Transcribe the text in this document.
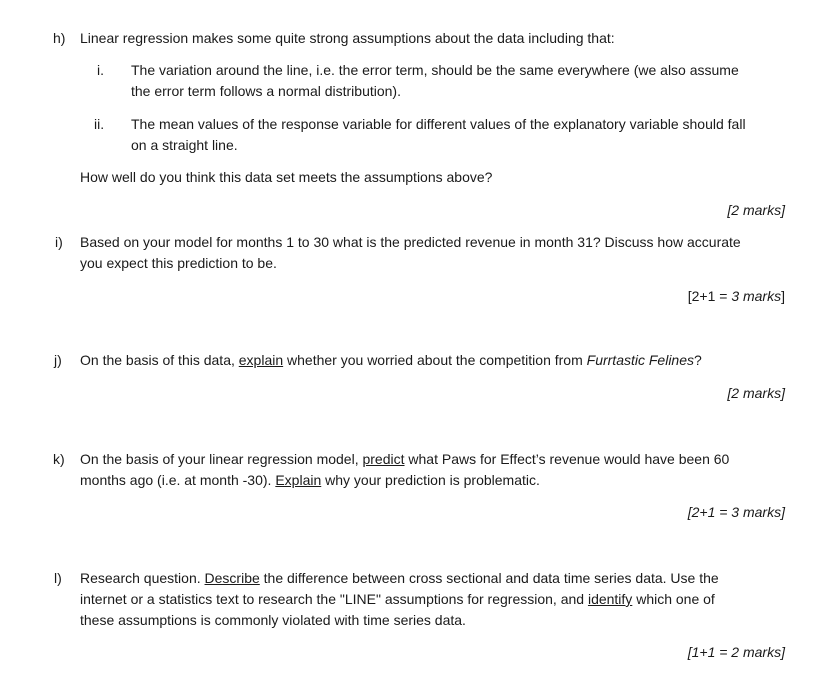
h) Linear regression makes some quite strong assumptions about the data including that:
i. The variation around the line, i.e. the error term, should be the same everywhere (we also assume
the error term follows a normal distribution).
ii. The mean values of the response variable for different values of the explanatory variable should fall
on a straight line.
How well do you think this data set meets the assumptions above?
[2 marks]
i) Based on your model for months 1 to 30 what is the predicted revenue in month 31? Discuss how accurate
you expect this prediction to be.
[2+1 = 3 marks]
j) On the basis of this data, explain whether you worried about the competition from Furrtastic Felines?
[2 marks]
k) On the basis of your linear regression model, predict what Paws for Effect’s revenue would have been 60
months ago (i.e. at month -30). Explain why your prediction is problematic.
[2+1 = 3 marks]
l) Research question. Describe the difference between cross sectional and data time series data. Use the
internet or a statistics text to research the "LINE" assumptions for regression, and identify which one of
these assumptions is commonly violated with time series data.
[1+1 = 2 marks]
